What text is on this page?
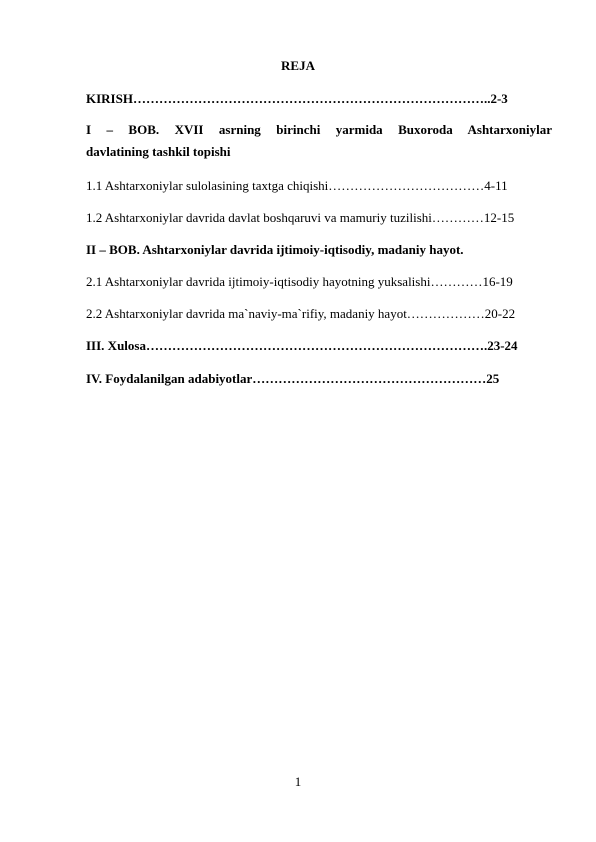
REJA
KIRISH………………………………………………………………………..2-3
I – BOB. XVII asrning birinchi yarmida Buxoroda Ashtarxoniylar
davlatining tashkil topishi
1.1 Ashtarxoniylar sulolasining taxtga chiqishi………………………………4-11
1.2 Ashtarxoniylar davrida davlat boshqaruvi va mamuriy tuzilishi…………12-15
II – BOB. Ashtarxoniylar davrida ijtimoiy-iqtisodiy, madaniy hayot.
2.1 Ashtarxoniylar davrida ijtimoiy-iqtisodiy hayotning yuksalishi…………16-19
2.2 Ashtarxoniylar davrida ma`naviy-ma`rifiy, madaniy hayot………………20-22
III. Xulosa…………………………………………………………………….23-24
IV. Foydalanilgan adabiyotlar………………………………………………25
1
